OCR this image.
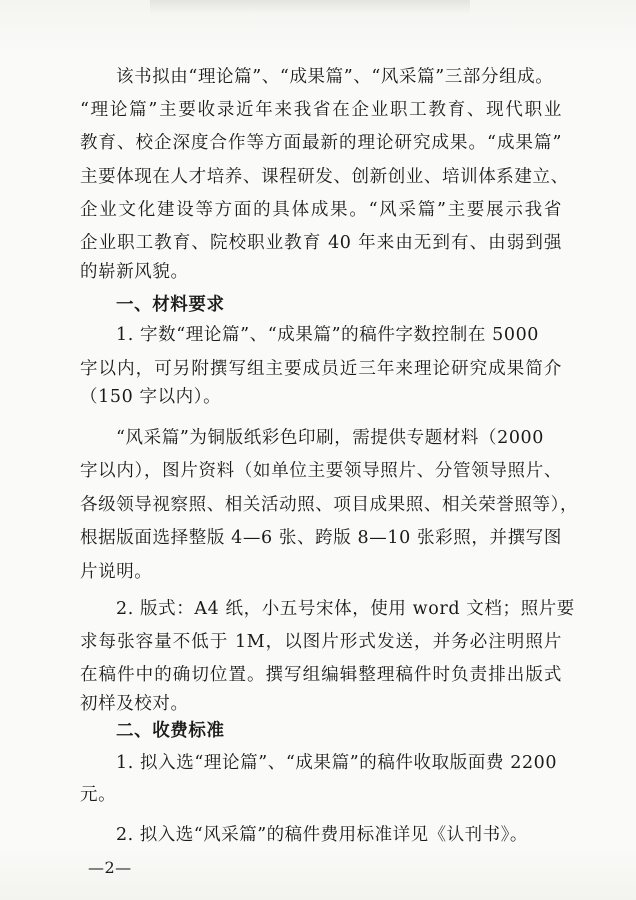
该书拟由“理论篇”、“成果篇”、“风采篇”三部分组成。
“理论篇”主要收录近年来我省在企业职工教育、现代职业
教育、校企深度合作等方面最新的理论研究成果。“成果篇”
主要体现在人才培养、课程研发、创新创业、培训体系建立、
企业文化建设等方面的具体成果。“风采篇”主要展示我省
企业职工教育、院校职业教育 40 年来由无到有、由弱到强
的崭新风貌。
一、材料要求
1. 字数“理论篇”、“成果篇”的稿件字数控制在 5000
字以内，可另附撰写组主要成员近三年来理论研究成果简介
（150 字以内）。
“风采篇”为铜版纸彩色印刷，需提供专题材料（2000
字以内），图片资料（如单位主要领导照片、分管领导照片、
各级领导视察照、相关活动照、项目成果照、相关荣誉照等），
根据版面选择整版 4—6 张、跨版 8—10 张彩照，并撰写图
片说明。
2. 版式：A4 纸，小五号宋体，使用 word 文档；照片要
求每张容量不低于 1M，以图片形式发送，并务必注明照片
在稿件中的确切位置。撰写组编辑整理稿件时负责排出版式
初样及校对。
二、收费标准
1. 拟入选“理论篇”、“成果篇”的稿件收取版面费 2200
元。
2. 拟入选“风采篇”的稿件费用标准详见《认刊书》。
—2—
